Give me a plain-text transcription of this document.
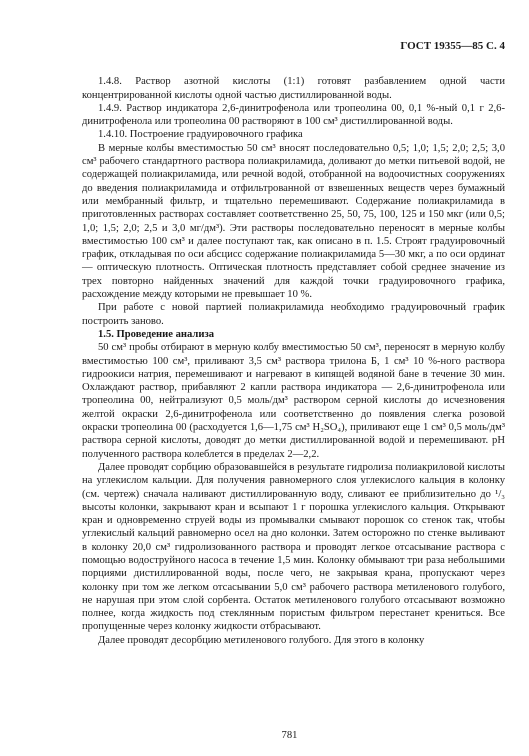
ГОСТ 19355—85 С. 4

1.4.8. Раствор азотной кислоты (1:1) готовят разбавлением одной части концентрированной кислоты одной частью дистиллированной воды.

1.4.9. Раствор индикатора 2,6-динитрофенола или тропеолина 00, 0,1 %-ный 0,1 г 2,6-динитрофенола или тропеолина 00 растворяют в 100 см³ дистиллированной воды.

1.4.10. Построение градуировочного графика

В мерные колбы вместимостью 50 см³ вносят последовательно 0,5; 1,0; 1,5; 2,0; 2,5; 3,0 см³ рабочего стандартного раствора полиакриламида, доливают до метки питьевой водой, не содержащей полиакриламида, или речной водой, отобранной на водоочистных сооружениях до введения полиакриламида и отфильтрованной от взвешенных веществ через бумажный или мембранный фильтр, и тщательно перемешивают. Содержание полиакриламида в приготовленных растворах составляет соответственно 25, 50, 75, 100, 125 и 150 мкг (или 0,5; 1,0; 1,5; 2,0; 2,5 и 3,0 мг/дм³). Эти растворы последовательно переносят в мерные колбы вместимостью 100 см³ и далее поступают так, как описано в п. 1.5. Строят градуировочный график, откладывая по оси абсцисс содержание полиакриламида 5—30 мкг, а по оси ординат — оптическую плотность. Оптическая плотность представляет собой среднее значение из трех повторно найденных значений для каждой точки градуировочного графика, расхождение между которыми не превышает 10 %.

При работе с новой партией полиакриламида необходимо градуировочный график построить заново.

1.5. Проведение анализа

50 см³ пробы отбирают в мерную колбу вместимостью 50 см³, переносят в мерную колбу вместимостью 100 см³, приливают 3,5 см³ раствора трилона Б, 1 см³ 10 %-ного раствора гидроокиси натрия, перемешивают и нагревают в кипящей водяной бане в течение 30 мин. Охлаждают раствор, прибавляют 2 капли раствора индикатора — 2,6-динитрофенола или тропеолина 00, нейтрализуют 0,5 моль/дм³ раствором серной кислоты до исчезновения желтой окраски 2,6-динитрофенола или соответственно до появления слегка розовой окраски тропеолина 00 (расходуется 1,6—1,75 см³ H₂SO₄), приливают еще 1 см³ 0,5 моль/дм³ раствора серной кислоты, доводят до метки дистиллированной водой и перемешивают. pH полученного раствора колеблется в пределах 2—2,2.

Далее проводят сорбцию образовавшейся в результате гидролиза полиакриловой кислоты на углекислом кальции. Для получения равномерного слоя углекислого кальция в колонку (см. чертеж) сначала наливают дистиллированную воду, сливают ее приблизительно до ¹/₃ высоты колонки, закрывают кран и всыпают 1 г порошка углекислого кальция. Открывают кран и одновременно струей воды из промывалки смывают порошок со стенок так, чтобы углекислый кальций равномерно осел на дно колонки. Затем осторожно по стенке выливают в колонку 20,0 см³ гидролизованного раствора и проводят легкое отсасывание раствора с помощью водоструйного насоса в течение 1,5 мин. Колонку обмывают три раза небольшими порциями дистиллированной воды, после чего, не закрывая крана, пропускают через колонку при том же легком отсасывании 5,0 см³ рабочего раствора метиленового голубого, не нарушая при этом слой сорбента. Остаток метиленового голубого отсасывают возможно полнее, когда жидкость под стеклянным пористым фильтром перестанет крениться. Все пропущенные через колонку жидкости отбрасывают.

Далее проводят десорбцию метиленового голубого. Для этого в колонку

781
